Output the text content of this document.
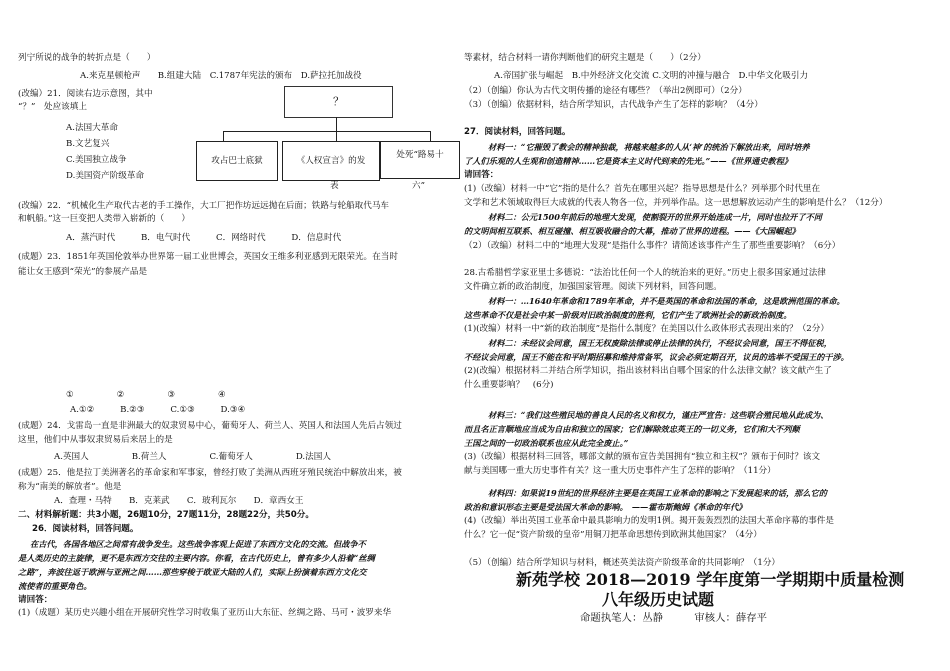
列宁所说的战争的转折点是（　　）
A.来克星顿枪声　　B.组建大陆　C.1787年宪法的颁布　D.萨拉托加战役
(改编）21．阅读右边示意图，其中
“？”　处应该填上
A.法国大革命
B.文艺复兴
C.美国独立战争
D.美国资产阶级革命
？
攻占巴士底狱	《人权宣言》的发
表
处死“路易十
六”
(改编）22．“机械化生产取代古老的手工操作，大工厂把作坊远远抛在后面；铁路与轮船取代马车
和帆船。”这一巨变把人类带入崭新的（　　）
A．蒸汽时代　　　B．电气时代　　　C．网络时代　　　D．信息时代
(成题）23．1851年英国伦敦举办世界第一届工业世博会，英国女王维多利亚感到无限荣光。在当时
能让女王感到“荣光”的参展产品是
①　　　　　②　　　　　③　　　　　④
A.①②　　　B.②③　　　C.①③　　　D.③④
(成题）24．戈雷岛一直是非洲最大的奴隶贸易中心，葡萄牙人、荷兰人、英国人和法国人先后占领过
这里，他们中从事奴隶贸易后来居上的是
A.英国人　　　　　B.荷兰人　　　　　C.葡萄牙人　　　　　D.法国人
(成题）25．他是拉丁美洲著名的革命家和军事家，曾经打败了美洲从西班牙殖民统治中解放出来，被
称为“南美的解放者”。他是
A．查理・马特　　B．克莱武　　C．玻利瓦尔　　D．章西女王
二、材料解析题：共3小题，26题10分，27题11分，28题22分，共50分。
26．阅读材料，回答问题。
在古代，各国各地区之间常有战争发生。这些战争客观上促进了东西方文化的交流。但战争不
是人类历史的主旋律，更不是东西方交往的主要内容。你看，在古代历史上，曾有多少人沿着“丝绸
之路”，奔波往返于欧洲与亚洲之间……那些穿梭于欧亚大陆的人们，实际上扮演着东西方文化交
流使者的重要角色。
请回答：
(1)（成题）某历史兴趣小组在开展研究性学习时收集了亚历山大东征、丝绸之路、马可・波罗来华
等素材，结合材料一请你判断他们的研究主题是（　　）（2分）
A.帝国扩张与崛起　B.中外经济文化交流 C.文明的冲撞与融合　D.中华文化吸引力
（2）（创编）你认为古代文明传播的途径有哪些？（举出2例即可）（2分）
（3）（创编）依据材料，结合所学知识，古代战争产生了怎样的影响？（4分）
27．阅读材料，回答问题。
材料一：“它摧毁了教会的精神独裁，将越来越多的人从‘神’的统治下解放出来，同时培养
了人们乐观的人生观和创造精神……它是资本主义时代到来的先光。”——《世界通史教程》
请回答：
(1)（改编）材料一中“它”指的是什么？首先在哪里兴起？指导思想是什么？列举那个时代里在
文学和艺术领域取得巨大成就的代表人物各一位，并列举作品。这一思想解放运动产生的影响是什么？（12分）
材料二：公元1500年前后的地理大发现，使割裂开的世界开始连成一片，同时也拉开了不同
的文明间相互联系、相互碰撞、相互吸收融合的大幕，推动了世界的进程。——《大国崛起》
（2）（改编）材料二中的“地理大发现”是指什么事件？请简述该事件产生了那些重要影响？（6分）
28.古希腊哲学家亚里士多德说：“法治比任何一个人的统治来的更好。”历史上很多国家通过法律
文件确立新的政治制度，加强国家管理。阅读下列材料，回答问题。
材料一：…1640年革命和1789年革命，并不是英国的革命和法国的革命，这是欧洲范围的革命。
这些革命不仅是社会中某一阶级对旧政治制度的胜利，它们产生了欧洲社会的新政治制度。
(1)(改编）材料一中“新的政治制度”是指什么制度？在美国以什么政体形式表现出来的？（2分）
材料二：未经议会同意，国王无权废除法律或停止法律的执行，不经议会同意，国王不得征税，
不经议会同意，国王不能在和平时期招募和维持常备军，议会必须定期召开，议员的选举不受国王的干涉。
(2)(改编）根据材料二并结合所学知识，指出该材料出自哪个国家的什么法律文献？该文献产生了
什么重要影响？　(6分)
材料三：“我们这些殖民地的善良人民的名义和权力，谨庄严宣告：这些联合殖民地从此成为、
而且名正言顺地应当成为自由和独立的国家；它们解除效忠英王的一切义务，它们和大不列颠
王国之间的一切政治联系也应从此完全废止。”
(3)（改编）根据材料三回答，哪部文献的颁布宣告美国拥有“独立和主权”？颁布于何时？该文
献与美国哪一重大历史事件有关？这一重大历史事件产生了怎样的影响？（11分）
材料四：如果说19世纪的世界经济主要是在英国工业革命的影响之下发展起来的话，那么它的
政治和意识形态主要是受法国大革命的影响。　——霍布斯鲍姆《革命的年代》
(4)（改编）举出英国工业革命中最具影响力的发明1例。揭开轰轰烈烈的法国大革命序幕的事件是
什么？它一促“资产阶级的皇帝”用铜刀把革命思想传到欧洲其他国家？（4分）
（5）（创编）结合所学知识与材料，概述英美法资产阶级革命的共同影响？（1分）
新苑学校 2018—2019 学年度第一学期期中质量检测
八年级历史试题
命题执笔人：丛静　　　审核人：薛存平
